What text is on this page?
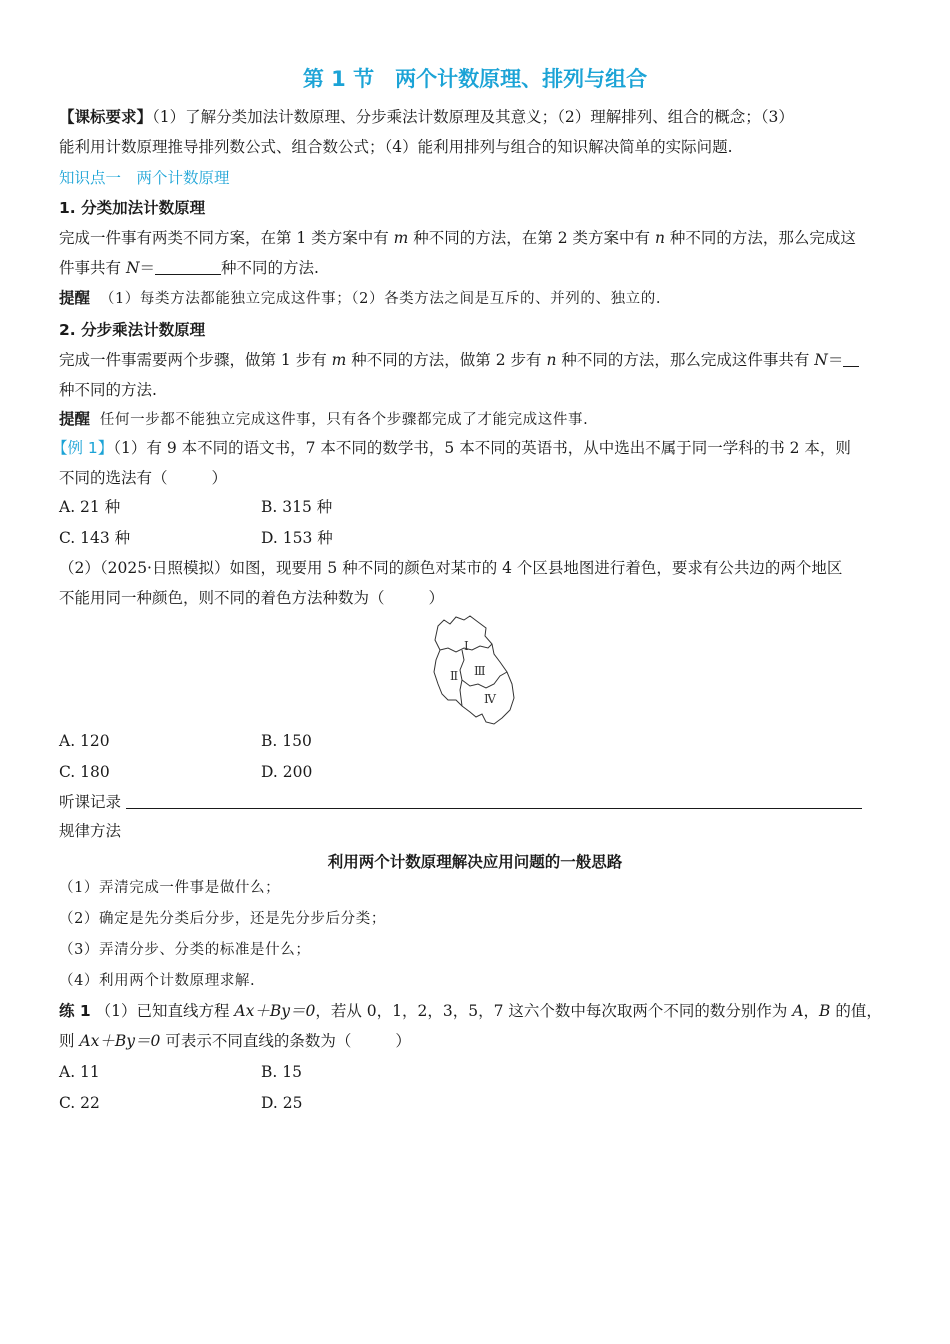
第 1 节　两个计数原理、排列与组合
【课标要求】（1）了解分类加法计数原理、分步乘法计数原理及其意义；（2）理解排列、组合的概念；（3）
能利用计数原理推导排列数公式、组合数公式；（4）能利用排列与组合的知识解决简单的实际问题.
知识点一　两个计数原理
1. 分类加法计数原理
完成一件事有两类不同方案，在第 1 类方案中有 m 种不同的方法，在第 2 类方案中有 n 种不同的方法，那么完成这
件事共有 N＝	种不同的方法.
提醒 （1）每类方法都能独立完成这件事；（2）各类方法之间是互斥的、并列的、独立的.
2. 分步乘法计数原理
完成一件事需要两个步骤，做第 1 步有 m 种不同的方法，做第 2 步有 n 种不同的方法，那么完成这件事共有 N＝
种不同的方法.
提醒 任何一步都不能独立完成这件事，只有各个步骤都完成了才能完成这件事.
【例 1】（1）有 9 本不同的语文书，7 本不同的数学书，5 本不同的英语书，从中选出不属于同一学科的书 2 本，则
不同的选法有（	）
A. 21 种	B. 315 种
C. 143 种	D. 153 种
（2）（2025·日照模拟）如图，现要用 5 种不同的颜色对某市的 4 个区县地图进行着色，要求有公共边的两个地区
不能用同一种颜色，则不同的着色方法种数为（	）
Ⅰ
Ⅱ Ⅲ
Ⅳ
A. 120	B. 150
C. 180	D. 200
听课记录
规律方法
利用两个计数原理解决应用问题的一般思路
（1）弄清完成一件事是做什么；
（2）确定是先分类后分步，还是先分步后分类；
（3）弄清分步、分类的标准是什么；
（4）利用两个计数原理求解.
练 1 （1）已知直线方程 Ax＋By＝0，若从 0，1，2，3，5，7 这六个数中每次取两个不同的数分别作为 A，B 的值，
则 Ax＋By＝0 可表示不同直线的条数为（	）
A. 11	B. 15
C. 22	D. 25
